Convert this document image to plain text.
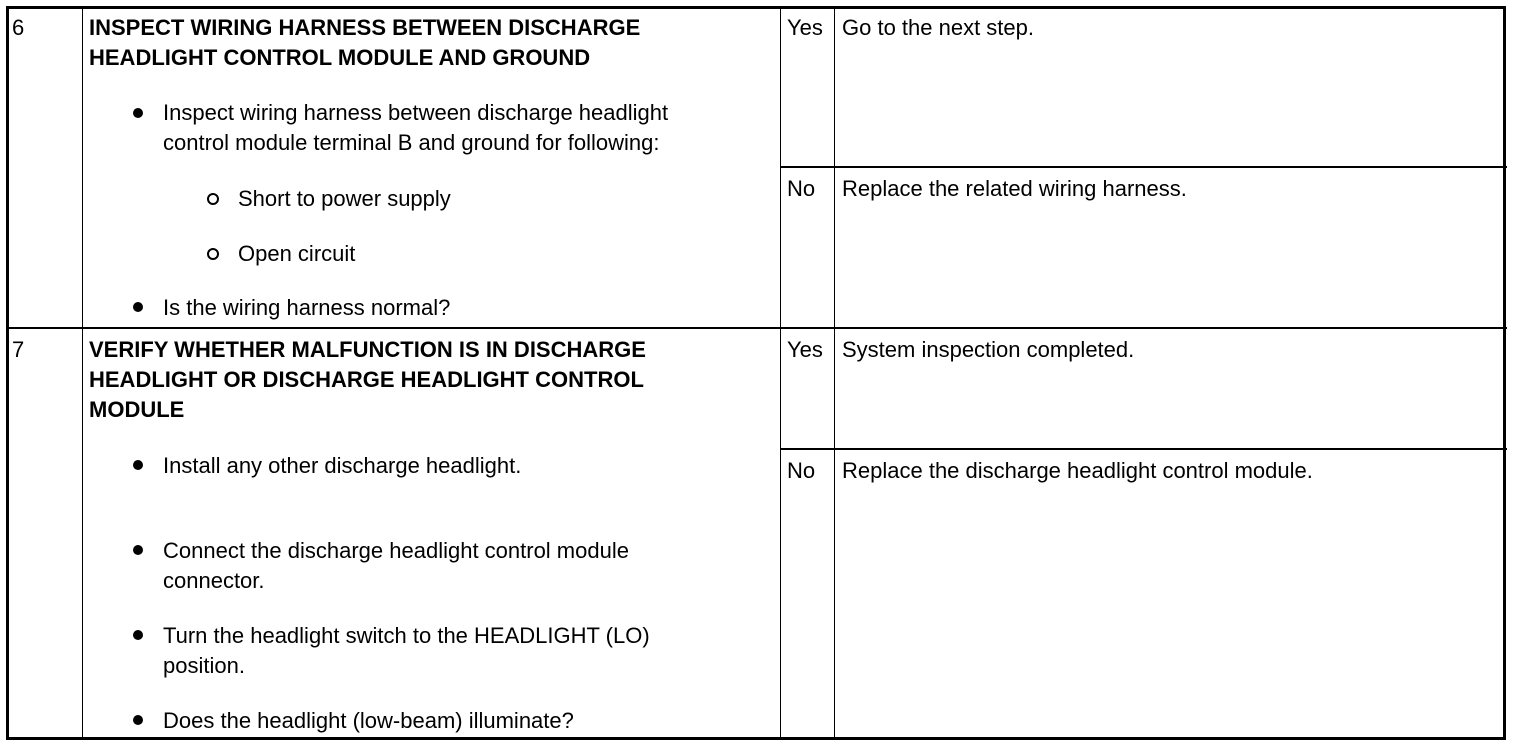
6	INSPECT WIRING HARNESS BETWEEN DISCHARGE
HEADLIGHT CONTROL MODULE AND GROUND
Inspect wiring harness between discharge headlight
control module terminal B and ground for following:
Short to power supply
Open circuit
Is the wiring harness normal?
Yes Go to the next step.
No Replace the related wiring harness.
7	VERIFY WHETHER MALFUNCTION IS IN DISCHARGE
HEADLIGHT OR DISCHARGE HEADLIGHT CONTROL
MODULE
Install any other discharge headlight.
Connect the discharge headlight control module
connector.
Turn the headlight switch to the HEADLIGHT (LO)
position.
Does the headlight (low-beam) illuminate?
Yes System inspection completed.
No Replace the discharge headlight control module.
